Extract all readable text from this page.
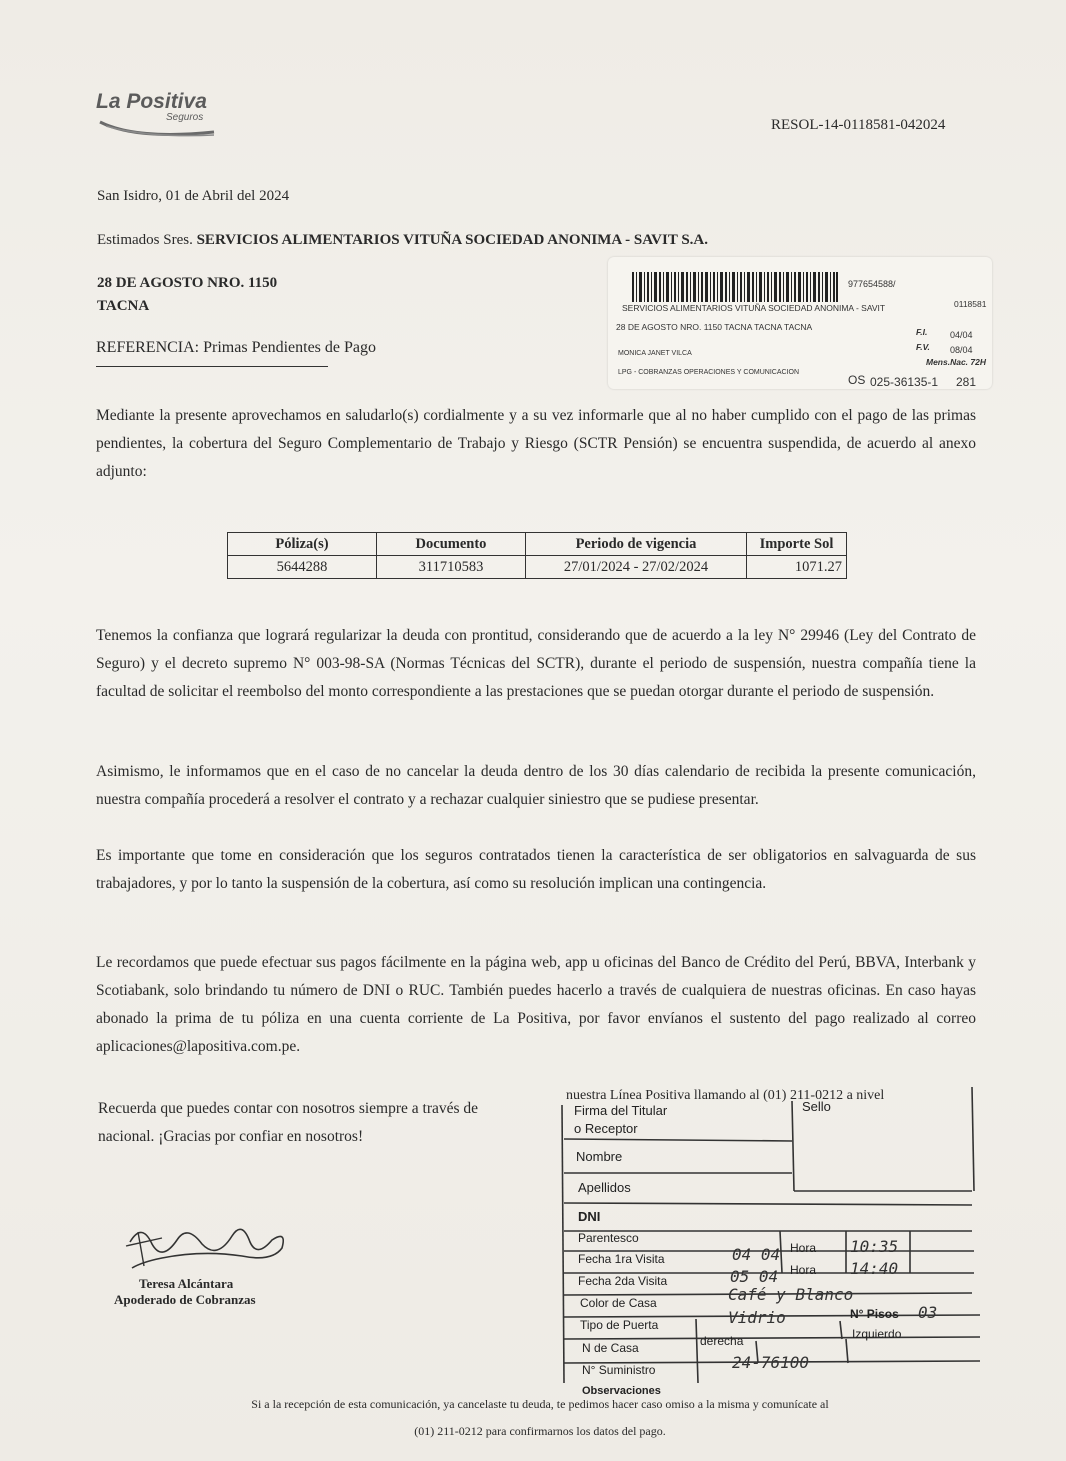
La Positiva
Seguros	RESOL-14-0118581-042024
San Isidro, 01 de Abril del 2024
Estimados Sres. SERVICIOS ALIMENTARIOS VITUÑA SOCIEDAD ANONIMA - SAVIT S.A.
28 DE AGOSTO NRO. 1150
TACNA
REFERENCIA: Primas Pendientes de Pago
977654588/
SERVICIOS ALIMENTARIOS VITUÑA SOCIEDAD ANONIMA - SAVIT	0118581
28 DE AGOSTO NRO. 1150 TACNA TACNA TACNA	F.I.	04/04
F.V. 08/04
MONICA JANET VILCA
Mens.Nac. 72H
LPG - COBRANZAS OPERACIONES Y COMUNICACION
OS 025-36135-1 281
Mediante la presente aprovechamos en saludarlo(s) cordialmente y a su vez informarle que al no haber cumplido con el pago de las primas pendientes, la cobertura del Seguro Complementario de Trabajo y Riesgo (SCTR Pensión) se encuentra suspendida, de acuerdo al anexo adjunto:
Póliza(s)	Documento	Periodo de vigencia	Importe Sol
5644288	311710583	27/01/2024 - 27/02/2024	1071.27
Tenemos la confianza que logrará regularizar la deuda con prontitud, considerando que de acuerdo a la ley N° 29946 (Ley del Contrato de Seguro) y el decreto supremo N° 003-98-SA (Normas Técnicas del SCTR), durante el periodo de suspensión, nuestra compañía tiene la facultad de solicitar el reembolso del monto correspondiente a las prestaciones que se puedan otorgar durante el periodo de suspensión.
Asimismo, le informamos que en el caso de no cancelar la deuda dentro de los 30 días calendario de recibida la presente comunicación, nuestra compañía procederá a resolver el contrato y a rechazar cualquier siniestro que se pudiese presentar.
Es importante que tome en consideración que los seguros contratados tienen la característica de ser obligatorios en salvaguarda de sus trabajadores, y por lo tanto la suspensión de la cobertura, así como su resolución implican una contingencia.
Le recordamos que puede efectuar sus pagos fácilmente en la página web, app u oficinas del Banco de Crédito del Perú, BBVA, Interbank y Scotiabank, solo brindando tu número de DNI o RUC. También puedes hacerlo a través de cualquiera de nuestras oficinas. En caso hayas abonado la prima de tu póliza en una cuenta corriente de La Positiva, por favor envíanos el sustento del pago realizado al correo aplicaciones@lapositiva.com.pe.
Recuerda que puedes contar con nosotros siempre a través de
nuestra Línea Positiva llamando al (01) 211-0212 a nivel
nacional. ¡Gracias por confiar en nosotros!
Teresa Alcántara
Apoderado de Cobranzas
Firma del Titular
o Receptor
Sello
Nombre
Apellidos
DNI
Parentesco
Fecha 1ra Visita	04 04 Hora 10:35
Fecha 2da Visita	05 04 Hora 14:40
Color de Casa	Café y Blanco
Tipo de Puerta	Vidrio	N° Pisos 03
N de Casa	derecha	Izquierdo
N° Suministro	24-76100
Observaciones
Si a la recepción de esta comunicación, ya cancelaste tu deuda, te pedimos hacer caso omiso a la misma y comunícate al
(01) 211-0212 para confirmarnos los datos del pago.
